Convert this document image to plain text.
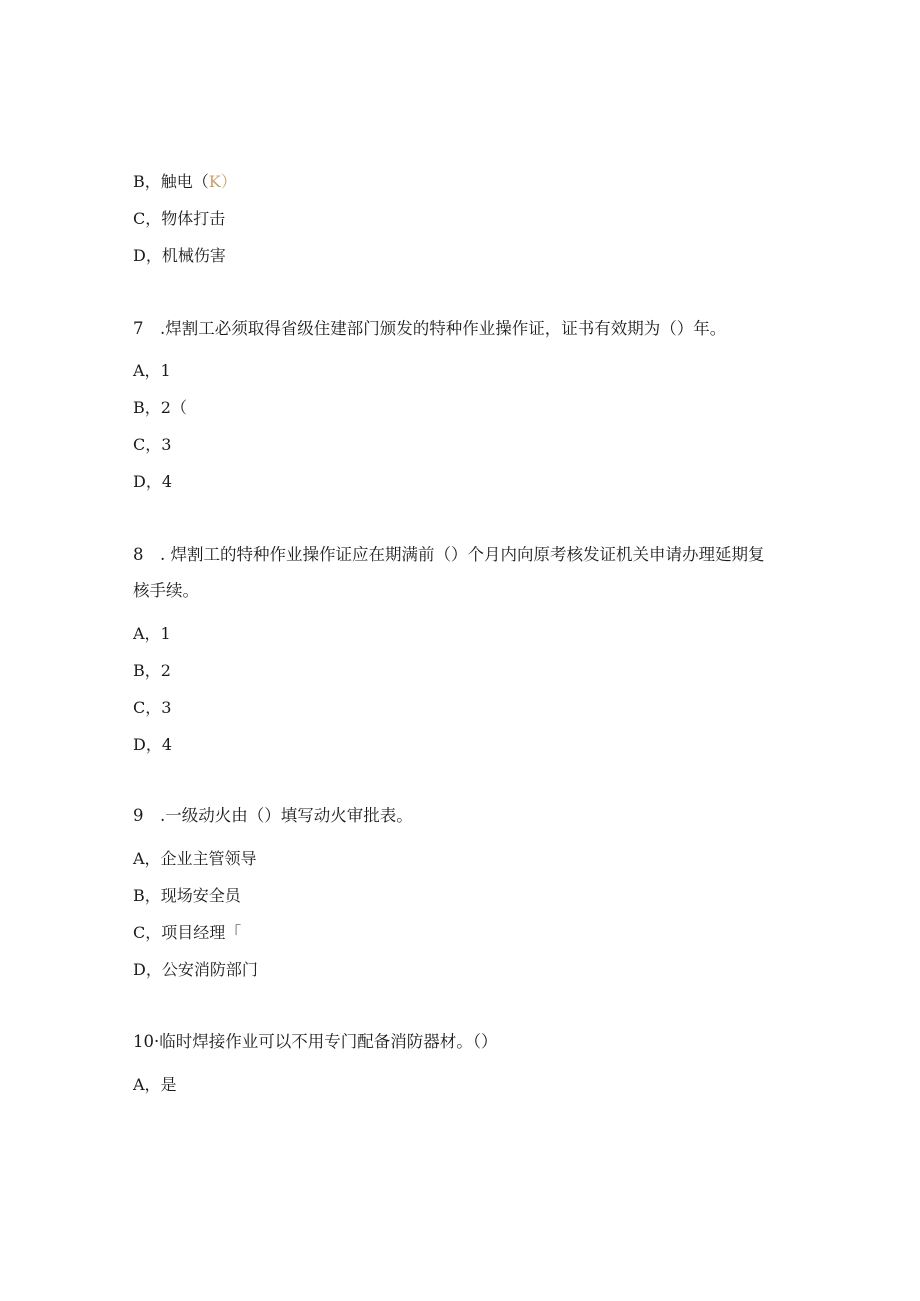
B，触电（K）
C，物体打击
D，机械伤害
7　.焊割工必须取得省级住建部门颁发的特种作业操作证，证书有效期为（）年。
A，1
B，2（
C，3
D，4
8　. 焊割工的特种作业操作证应在期满前（）个月内向原考核发证机关申请办理延期复
核手续。
A，1
B，2
C，3
D，4
9　.一级动火由（）填写动火审批表。
A，企业主管领导
B，现场安全员
C，项目经理「
D，公安消防部门
10·临时焊接作业可以不用专门配备消防器材。（）
A，是
